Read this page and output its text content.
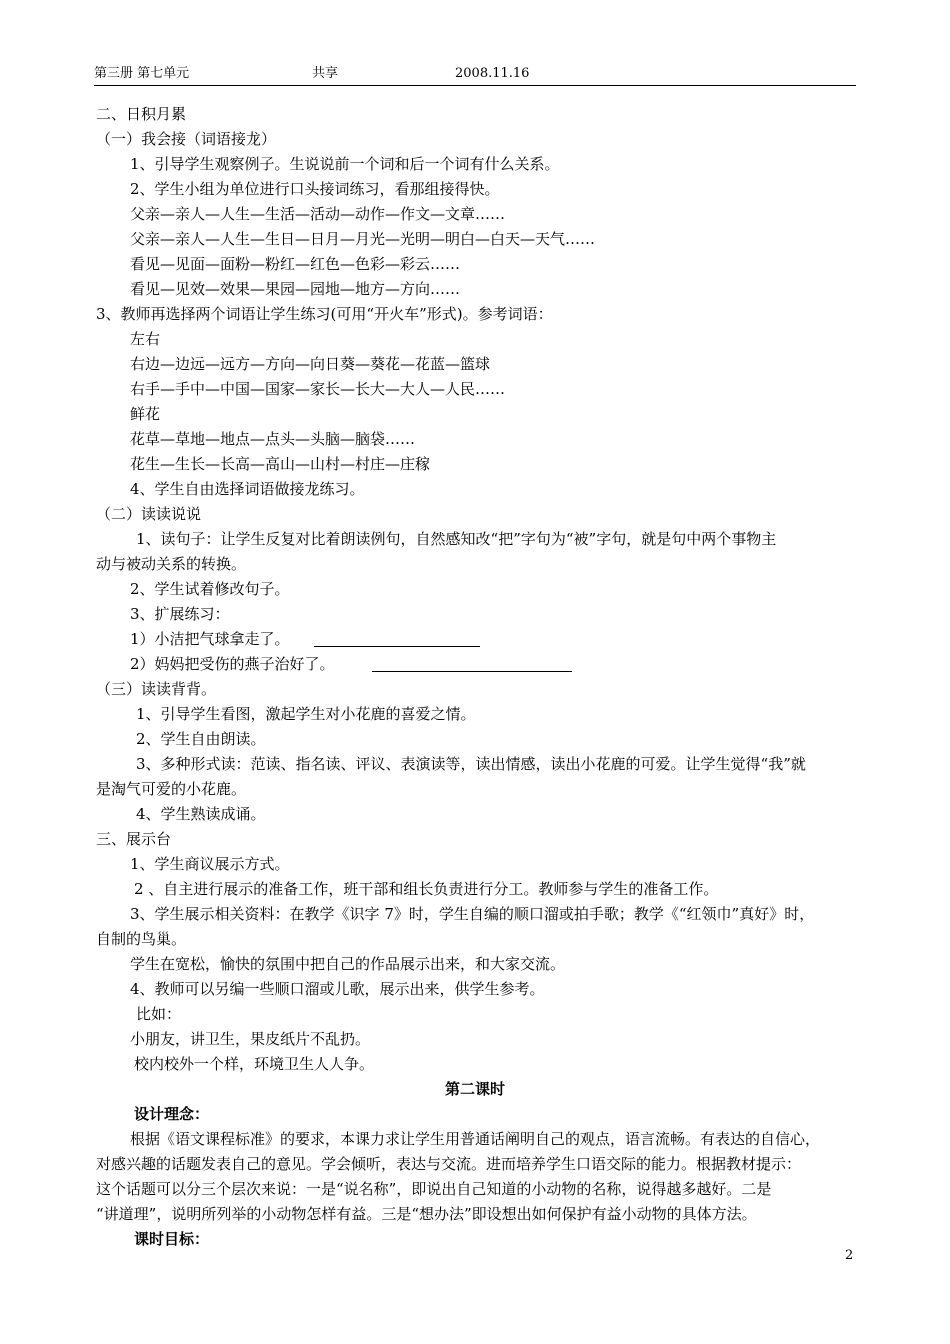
第三册 第七单元	共享	2008.11.16
二、日积月累
（一）我会接（词语接龙）
1、引导学生观察例子。生说说前一个词和后一个词有什么关系。
2、学生小组为单位进行口头接词练习，看那组接得快。
父亲—亲人—人生—生活—活动—动作—作文—文章……
父亲—亲人—人生—生日—日月—月光—光明—明白—白天—天气……
看见—见面—面粉—粉红—红色—色彩—彩云……
看见—见效—效果—果园—园地—地方—方向……
3、教师再选择两个词语让学生练习(可用“开火车”形式)。参考词语：
左右
右边—边远—远方—方向—向日葵—葵花—花蓝—篮球
右手—手中—中国—国家—家长—长大—大人—人民……
鲜花
花草—草地—地点—点头—头脑—脑袋……
花生—生长—长高—高山—山村—村庄—庄稼
4、学生自由选择词语做接龙练习。
（二）读读说说
1、读句子：让学生反复对比着朗读例句，自然感知改“把”字句为“被”字句，就是句中两个事物主
动与被动关系的转换。
2、学生试着修改句子。
3、扩展练习：
1）小洁把气球拿走了。
2）妈妈把受伤的燕子治好了。
（三）读读背背。
1、引导学生看图，激起学生对小花鹿的喜爱之情。
2、学生自由朗读。
3、多种形式读：范读、指名读、评议、表演读等，读出情感，读出小花鹿的可爱。让学生觉得“我”就
是淘气可爱的小花鹿。
4、学生熟读成诵。
三、展示台
1、学生商议展示方式。
2 、自主进行展示的准备工作，班干部和组长负责进行分工。教师参与学生的准备工作。
3、学生展示相关资料：在教学《识字 7》时，学生自编的顺口溜或拍手歌；教学《“红领巾”真好》时，
自制的鸟巢。
学生在宽松，愉快的氛围中把自己的作品展示出来，和大家交流。
4、教师可以另编一些顺口溜或儿歌，展示出来，供学生参考。
比如：
小朋友，讲卫生，果皮纸片不乱扔。
校内校外一个样，环境卫生人人争。
第二课时
设计理念：
根据《语文课程标准》的要求，本课力求让学生用普通话阐明自己的观点，语言流畅。有表达的自信心，
对感兴趣的话题发表自己的意见。学会倾听，表达与交流。进而培养学生口语交际的能力。根据教材提示：
这个话题可以分三个层次来说：一是“说名称”，即说出自己知道的小动物的名称，说得越多越好。二是
“讲道理”，说明所列举的小动物怎样有益。三是“想办法”即设想出如何保护有益小动物的具体方法。
课时目标：
2
